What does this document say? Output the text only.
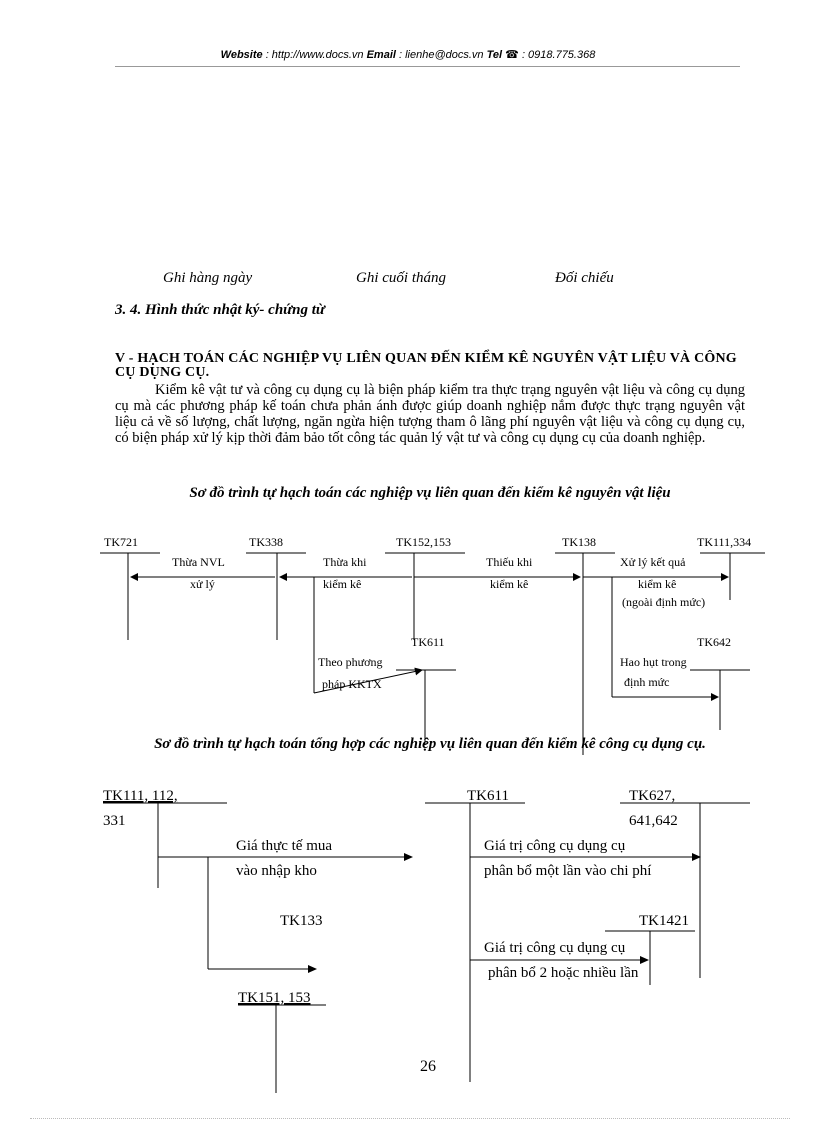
Website : http://www.docs.vn Email : lienhe@docs.vn Tel ☎ : 0918.775.368
Ghi hàng ngày	Ghi cuối tháng	Đối chiếu
3. 4. Hình thức nhật ký- chứng từ
V - HẠCH TOÁN CÁC NGHIỆP VỤ LIÊN QUAN ĐẾN KIỂM KÊ NGUYÊN VẬT LIỆU VÀ CÔNG CỤ DỤNG CỤ.

Kiểm kê vật tư và công cụ dụng cụ là biện pháp kiểm tra thực trạng nguyên vật liệu và công cụ dụng cụ mà các phương pháp kế toán chưa phản ánh được giúp doanh nghiệp nắm được thực trạng nguyên vật liệu cả về số lượng, chất lượng, ngăn ngừa hiện tượng tham ô lãng phí nguyên vật liệu và công cụ dụng cụ, có biện pháp xử lý kịp thời đảm bảo tốt công tác quản lý vật tư và công cụ dụng cụ của doanh nghiệp.

Sơ đồ trình tự hạch toán các nghiệp vụ liên quan đến kiểm kê nguyên vật liệu
TK721	TK338	TK152,153	TK138	TK111,334
TK611	TK642
Thừa NVL
xử lý
Thừa khi
kiểm kê
Thiếu khi
kiểm kê
Xử lý kết quả
kiểm kê
(ngoài định mức)
Theo phương
pháp KKTX
Hao hụt trong
định mức
Sơ đồ trình tự hạch toán tổng hợp các nghiệp vụ liên quan đến kiểm kê công cụ dụng cụ.
TK111, 112,
331
TK611	TK627,
641,642
TK133	TK1421
TK151, 153
Giá thực tế mua
vào nhập kho
Giá trị công cụ dụng cụ
phân bổ một lần vào chi phí
Giá trị công cụ dụng cụ
phân bổ 2 hoặc nhiều lần
26
